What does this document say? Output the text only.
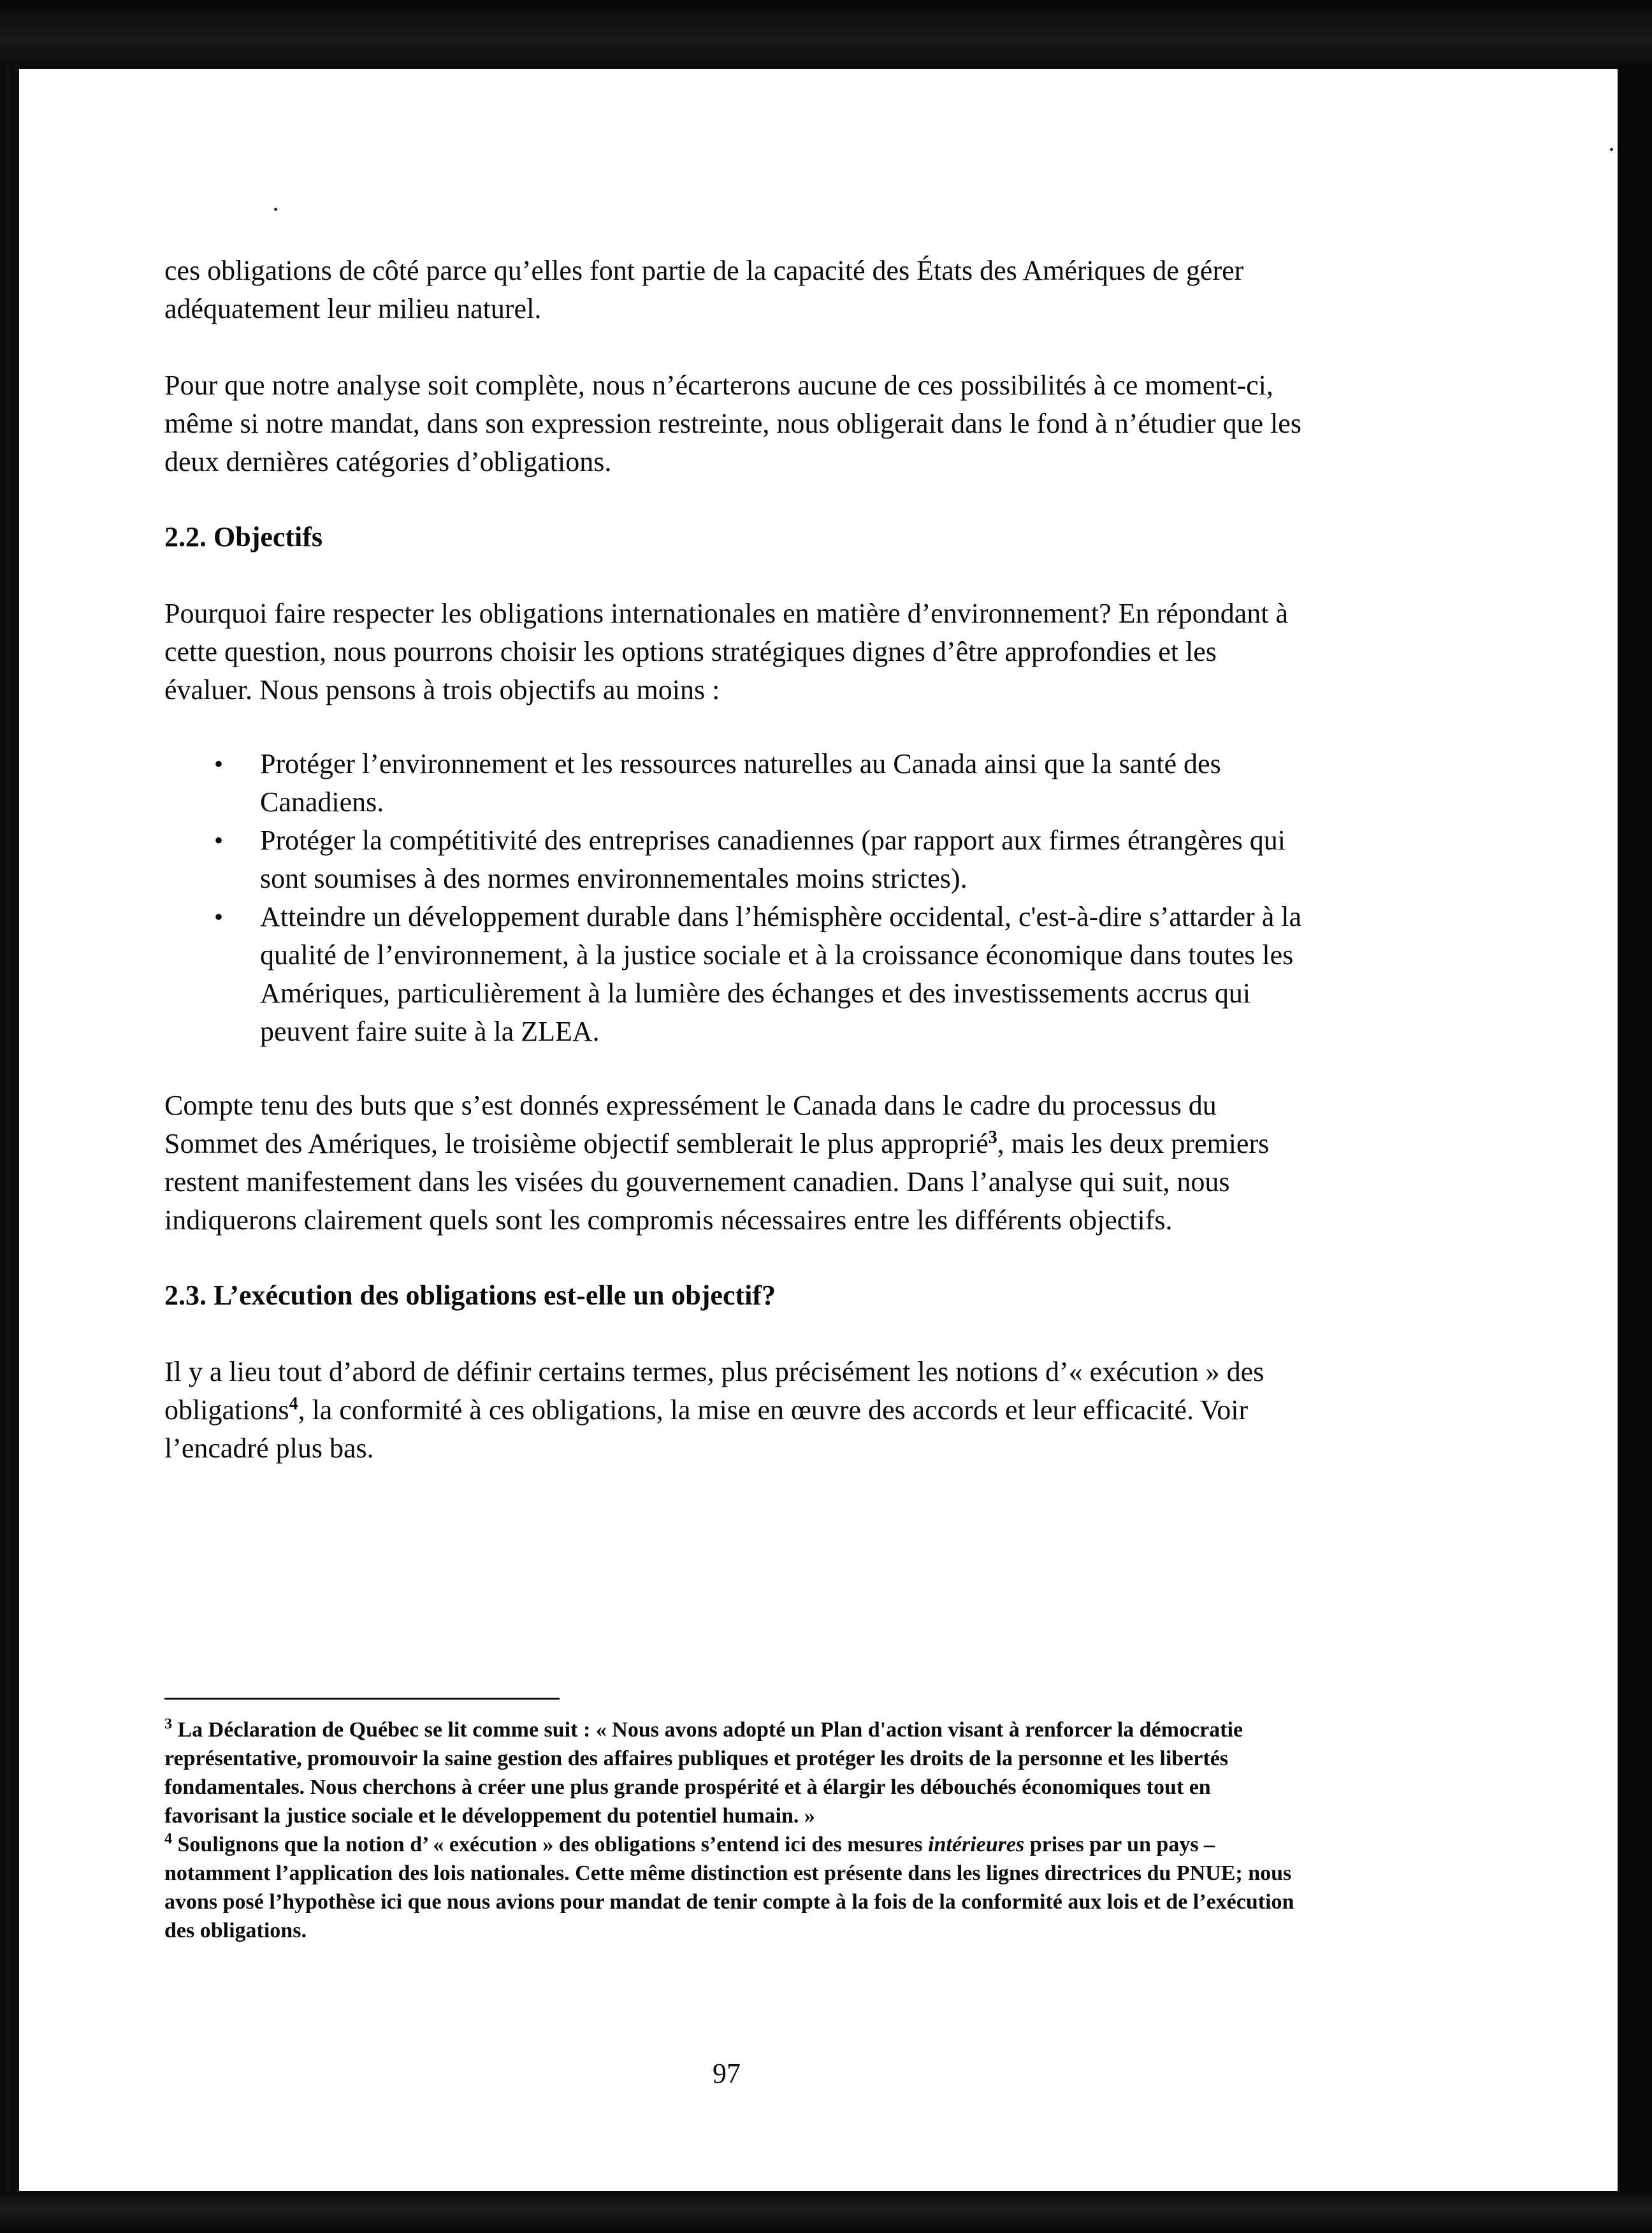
ces obligations de côté parce qu’elles font partie de la capacité des États des Amériques de gérer adéquatement leur milieu naturel.

Pour que notre analyse soit complète, nous n’écarterons aucune de ces possibilités à ce moment-ci, même si notre mandat, dans son expression restreinte, nous obligerait dans le fond à n’étudier que les deux dernières catégories d’obligations.

2.2. Objectifs

Pourquoi faire respecter les obligations internationales en matière d’environnement? En répondant à cette question, nous pourrons choisir les options stratégiques dignes d’être approfondies et les évaluer. Nous pensons à trois objectifs au moins :

• Protéger l’environnement et les ressources naturelles au Canada ainsi que la santé des Canadiens.
• Protéger la compétitivité des entreprises canadiennes (par rapport aux firmes étrangères qui sont soumises à des normes environnementales moins strictes).
• Atteindre un développement durable dans l’hémisphère occidental, c'est-à-dire s’attarder à la qualité de l’environnement, à la justice sociale et à la croissance économique dans toutes les Amériques, particulièrement à la lumière des échanges et des investissements accrus qui peuvent faire suite à la ZLEA.

Compte tenu des buts que s’est donnés expressément le Canada dans le cadre du processus du Sommet des Amériques, le troisième objectif semblerait le plus approprié$^3$, mais les deux premiers restent manifestement dans les visées du gouvernement canadien. Dans l’analyse qui suit, nous indiquerons clairement quels sont les compromis nécessaires entre les différents objectifs.

2.3. L’exécution des obligations est-elle un objectif?

Il y a lieu tout d’abord de définir certains termes, plus précisément les notions d’« exécution » des obligations$^4$, la conformité à ces obligations, la mise en œuvre des accords et leur efficacité. Voir l’encadré plus bas.

$^3$ La Déclaration de Québec se lit comme suit : « Nous avons adopté un Plan d'action visant à renforcer la démocratie représentative, promouvoir la saine gestion des affaires publiques et protéger les droits de la personne et les libertés fondamentales. Nous cherchons à créer une plus grande prospérité et à élargir les débouchés économiques tout en favorisant la justice sociale et le développement du potentiel humain. »

$^4$ Soulignons que la notion d’ « exécution » des obligations s’entend ici des mesures intérieures prises par un pays – notamment l’application des lois nationales. Cette même distinction est présente dans les lignes directrices du PNUE; nous avons posé l’hypothèse ici que nous avions pour mandat de tenir compte à la fois de la conformité aux lois et de l’exécution des obligations.

97
